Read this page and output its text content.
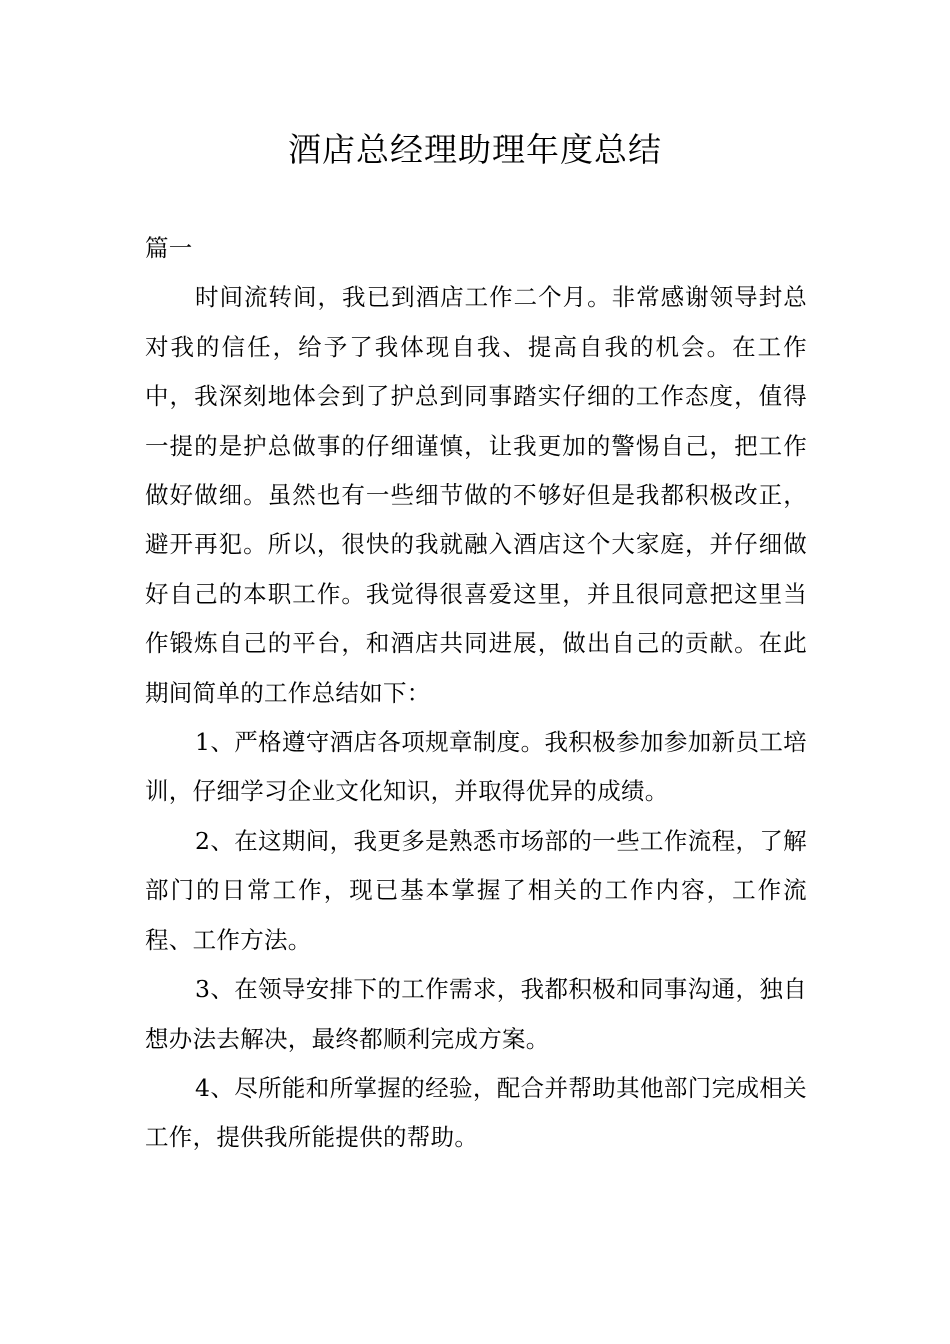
酒店总经理助理年度总结

篇一

时间流转间，我已到酒店工作二个月。非常感谢领导封总对我的信任，给予了我体现自我、提高自我的机会。在工作中，我深刻地体会到了护总到同事踏实仔细的工作态度，值得一提的是护总做事的仔细谨慎，让我更加的警惕自己，把工作做好做细。虽然也有一些细节做的不够好但是我都积极改正，避开再犯。所以，很快的我就融入酒店这个大家庭，并仔细做好自己的本职工作。我觉得很喜爱这里，并且很同意把这里当作锻炼自己的平台，和酒店共同进展，做出自己的贡献。在此期间简单的工作总结如下：

1、严格遵守酒店各项规章制度。我积极参加参加新员工培训，仔细学习企业文化知识，并取得优异的成绩。

2、在这期间，我更多是熟悉市场部的一些工作流程，了解部门的日常工作，现已基本掌握了相关的工作内容，工作流程、工作方法。

3、在领导安排下的工作需求，我都积极和同事沟通，独自想办法去解决，最终都顺利完成方案。

4、尽所能和所掌握的经验，配合并帮助其他部门完成相关工作，提供我所能提供的帮助。
